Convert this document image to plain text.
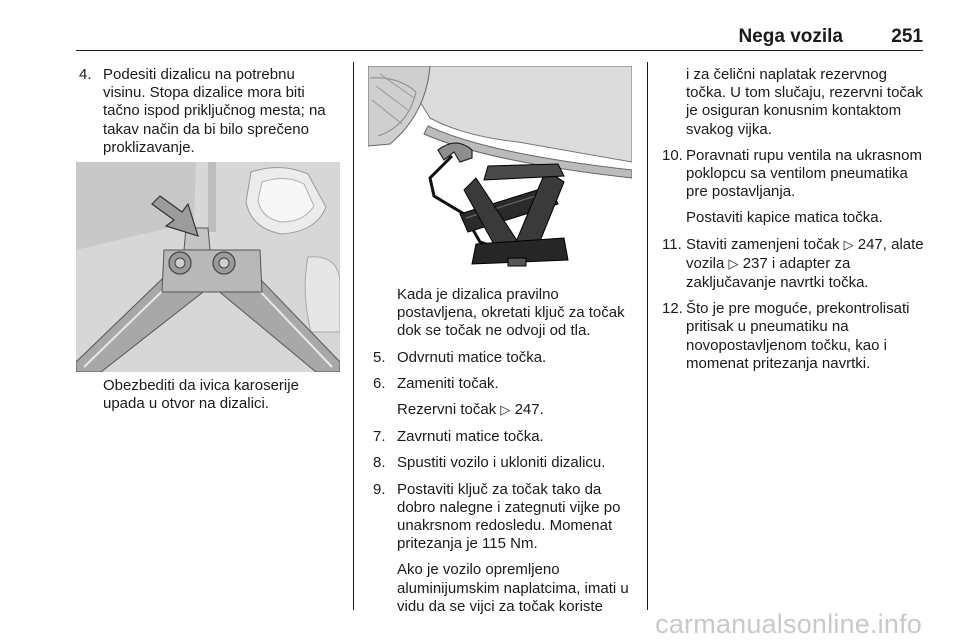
Nega vozila	251
4. Podesiti dizalicu na potrebnu visinu. Stopa dizalice mora biti tačno ispod priključnog mesta; na takav način da bi bilo sprečeno proklizavanje.
Obezbediti da ivica karoserije upada u otvor na dizalici.
Kada je dizalica pravilno postavljena, okretati ključ za točak dok se točak ne odvoji od tla.
5. Odvrnuti matice točka.
6. Zameniti točak.
Rezervni točak ▷ 247.
7. Zavrnuti matice točka.
8. Spustiti vozilo i ukloniti dizalicu.
9. Postaviti ključ za točak tako da dobro nalegne i zategnuti vijke po unakrsnom redosledu. Momenat pritezanja je 115 Nm.
Ako je vozilo opremljeno aluminijumskim naplatcima, imati u vidu da se vijci za točak koriste
i za čelični naplatak rezervnog točka. U tom slučaju, rezervni točak je osiguran konusnim kontaktom svakog vijka.
10. Poravnati rupu ventila na ukrasnom poklopcu sa ventilom pneumatika pre postavljanja.
Postaviti kapice matica točka.
11. Staviti zamenjeni točak ▷ 247, alate vozila ▷ 237 i adapter za zaključavanje navrtki točka.
12. Što je pre moguće, prekontrolisati pritisak u pneumatiku na novopostavljenom točku, kao i momenat pritezanja navrtki.
carmanualsonline.info
